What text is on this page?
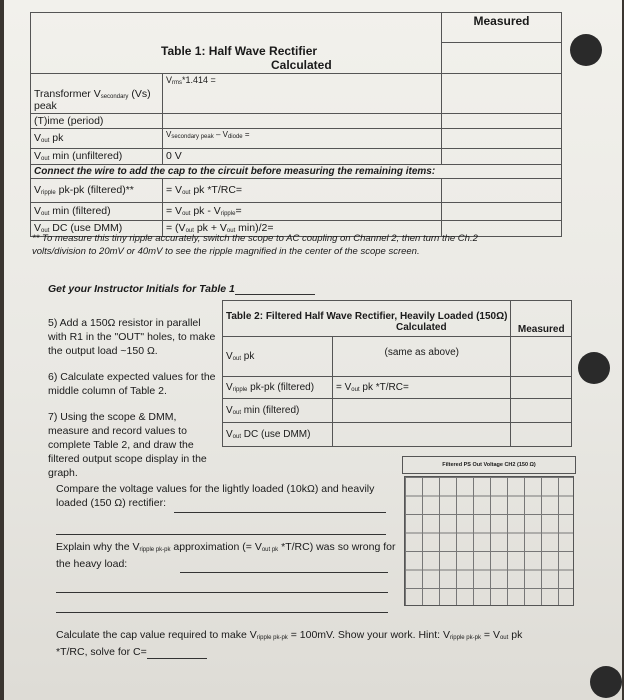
		Measured
Table 1: Half Wave Rectifier
Calculated		
Transformer Vsecondary (Vs)
peak	Vrms*1.414 =	
(T)ime (period)		
Vout pk	Vsecondary peak – Vdiode =	
Vout min (unfiltered)	0 V	
Connect the wire to add the cap to the circuit before measuring the remaining items:		
Vripple pk-pk (filtered)**	= Vout pk *T/RC=	
Vout min (filtered)	= Vout pk - Vripple=	
Vout DC (use DMM)	= (Vout pk + Vout min)/2=	
** To measure this tiny ripple accurately, switch the scope to AC coupling on Channel 2, then turn the Ch.2 volts/division to 20mV or 40mV to see the ripple magnified in the center of the scope screen.
Get your Instructor Initials for Table 1
5) Add a 150Ω resistor in parallel with R1 in the "OUT" holes, to make the output load ~150 Ω.
6) Calculate expected values for the middle column of Table 2.
7) Using the scope & DMM, measure and record values to complete Table 2, and draw the filtered output scope display in the graph.
Table 2: Filtered Half Wave Rectifier, Heavily Loaded (150Ω)
Calculated		Measured
Vout pk	(same as above)	
Vripple pk-pk (filtered)	= Vout pk *T/RC=	
Vout min (filtered)		
Vout DC (use DMM)		
Filtered PS Out Voltage CH2 (150 Ω)
Compare the voltage values for the lightly loaded (10kΩ) and heavily loaded (150 Ω) rectifier:
Explain why the Vripple pk-pk approximation (= Vout pk *T/RC) was so wrong for the heavy load:
Calculate the cap value required to make Vripple pk-pk = 100mV. Show your work. Hint: Vripple pk-pk = Vout pk
*T/RC, solve for C=
